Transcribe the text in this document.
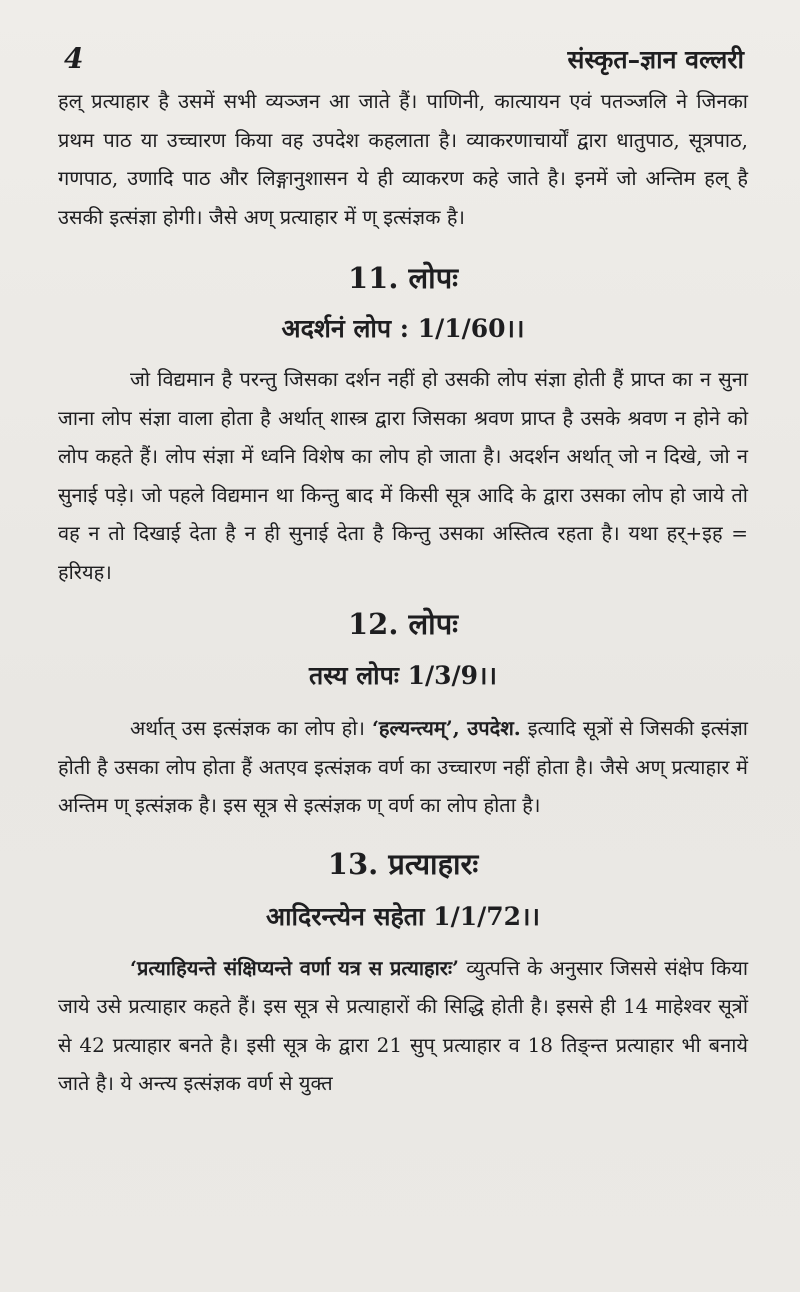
4	संस्कृत–ज्ञान वल्लरी

हल् प्रत्याहार है उसमें सभी व्यञ्जन आ जाते हैं। पाणिनी, कात्यायन एवं पतञ्जलि ने जिनका प्रथम पाठ या उच्चारण किया वह उपदेश कहलाता है। व्याकरणाचार्यों द्वारा धातुपाठ, सूत्रपाठ, गणपाठ, उणादि पाठ और लिङ्गानुशासन ये ही व्याकरण कहे जाते है। इनमें जो अन्तिम हल् है उसकी इत्संज्ञा होगी। जैसे अण् प्रत्याहार में ण् इत्संज्ञक है।

11. लोपः
अदर्शनं लोप : 1/1/60।।

जो विद्यमान है परन्तु जिसका दर्शन नहीं हो उसकी लोप संज्ञा होती हैं प्राप्त का न सुना जाना लोप संज्ञा वाला होता है अर्थात् शास्त्र द्वारा जिसका श्रवण प्राप्त है उसके श्रवण न होने को लोप कहते हैं। लोप संज्ञा में ध्वनि विशेष का लोप हो जाता है। अदर्शन अर्थात् जो न दिखे, जो न सुनाई पड़े। जो पहले विद्यमान था किन्तु बाद में किसी सूत्र आदि के द्वारा उसका लोप हो जाये तो वह न तो दिखाई देता है न ही सुनाई देता है किन्तु उसका अस्तित्व रहता है। यथा हर्+इह = हरियह।

12. लोपः
तस्य लोपः 1/3/9।।

अर्थात् उस इत्संज्ञक का लोप हो। ‘हल्यन्त्यम्’, उपदेश. इत्यादि सूत्रों से जिसकी इत्संज्ञा होती है उसका लोप होता हैं अतएव इत्संज्ञक वर्ण का उच्चारण नहीं होता है। जैसे अण् प्रत्याहार में अन्तिम ण् इत्संज्ञक है। इस सूत्र से इत्संज्ञक ण् वर्ण का लोप होता है।

13. प्रत्याहारः
आदिरन्त्येन सहेता 1/1/72।।

‘प्रत्याहियन्ते संक्षिप्यन्ते वर्णा यत्र स प्रत्याहारः’ व्युत्पत्ति के अनुसार जिससे संक्षेप किया जाये उसे प्रत्याहार कहते हैं। इस सूत्र से प्रत्याहारों की सिद्धि होती है। इससे ही 14 माहेश्वर सूत्रों से 42 प्रत्याहार बनते है। इसी सूत्र के द्वारा 21 सुप् प्रत्याहार व 18 तिङ्न्त प्रत्याहार भी बनाये जाते है। ये अन्त्य इत्संज्ञक वर्ण से युक्त
